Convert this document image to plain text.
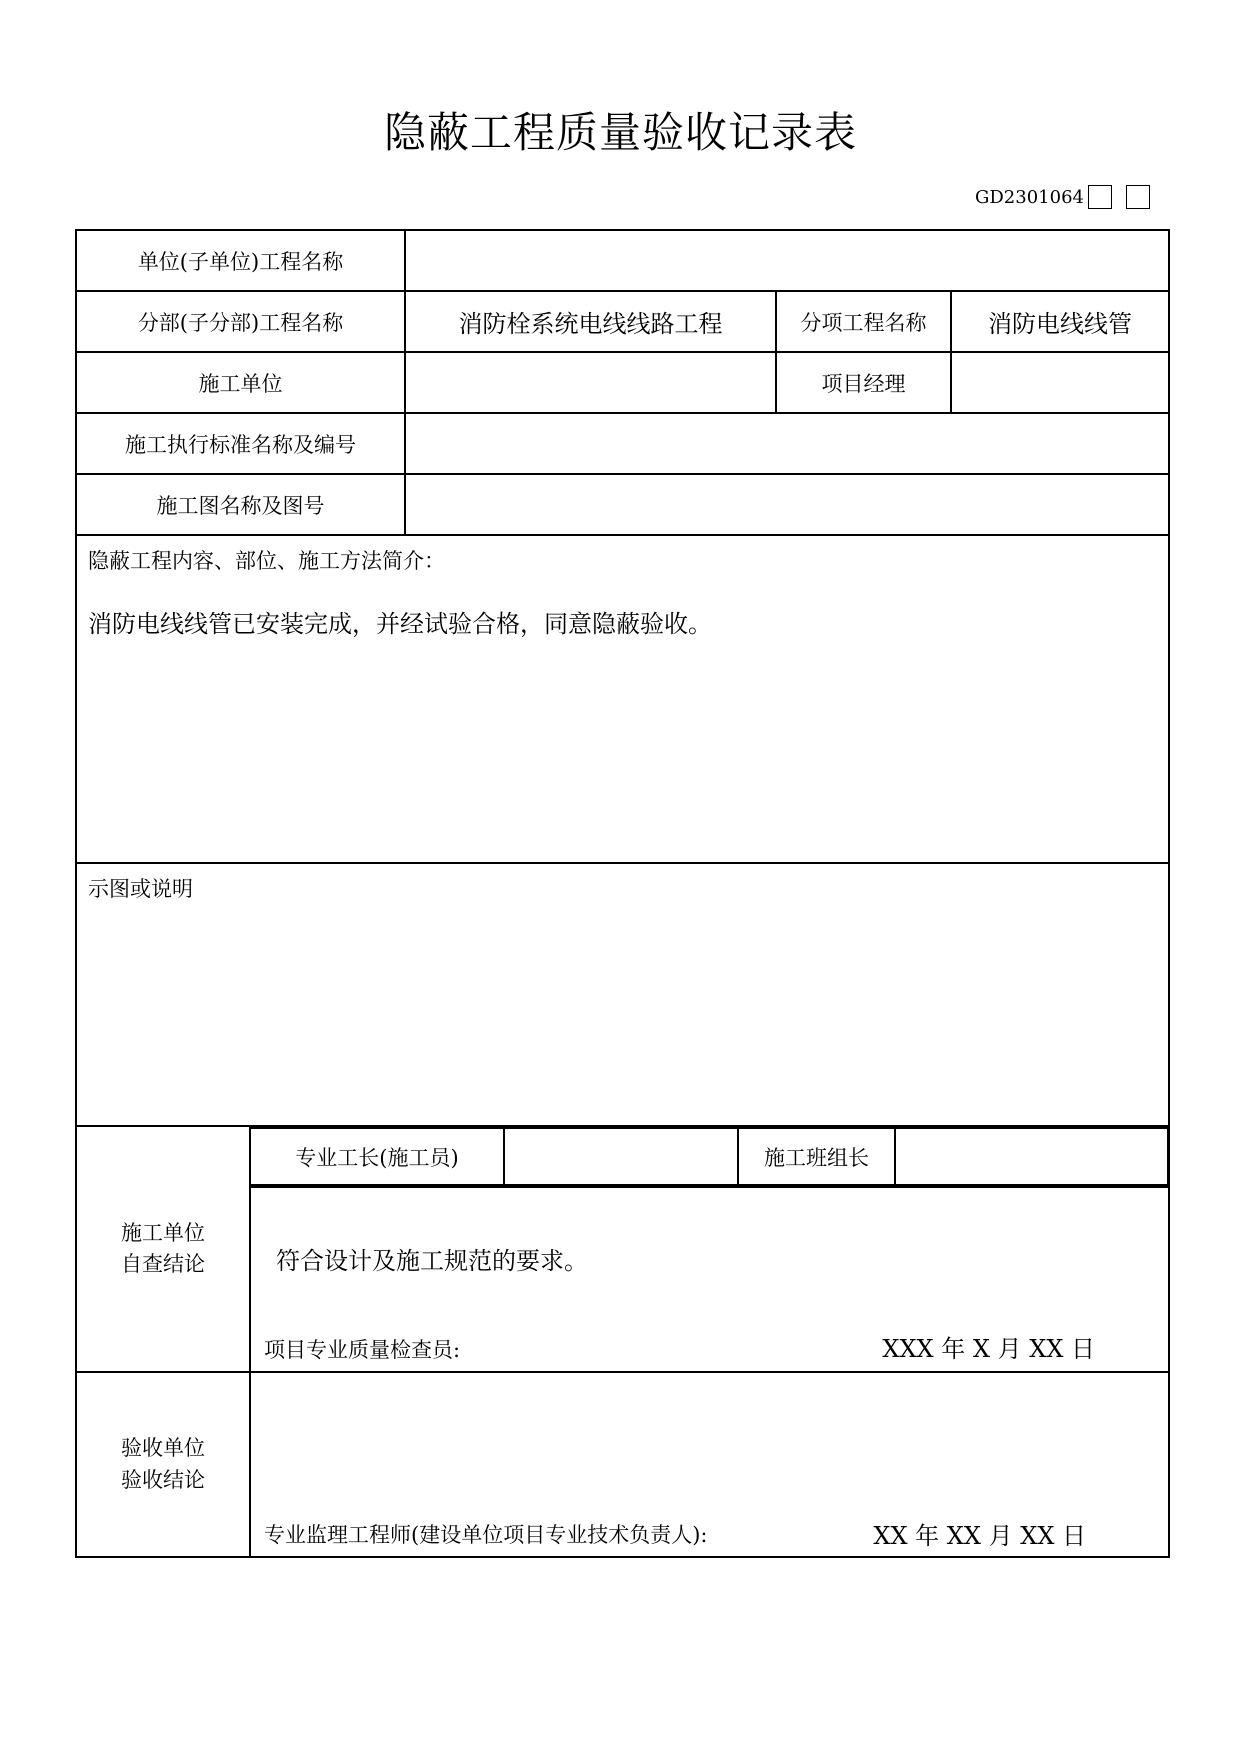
隐蔽工程质量验收记录表
GD2301064
单位(子单位)工程名称	
分部(子分部)工程名称	消防栓系统电线线路工程	分项工程名称	消防电线线管
施工单位		项目经理	
施工执行标准名称及编号	
施工图名称及图号	

隐蔽工程内容、部位、施工方法简介：
消防电线线管已安装完成，并经试验合格，同意隐蔽验收。

示图或说明

施工单位
自查结论

专业工长(施工员)		施工班组长	

符合设计及施工规范的要求。
项目专业质量检查员:	XXX 年 X 月 XX 日

验收单位
验收结论

专业监理工程师(建设单位项目专业技术负责人):	XX 年 XX 月 XX 日
